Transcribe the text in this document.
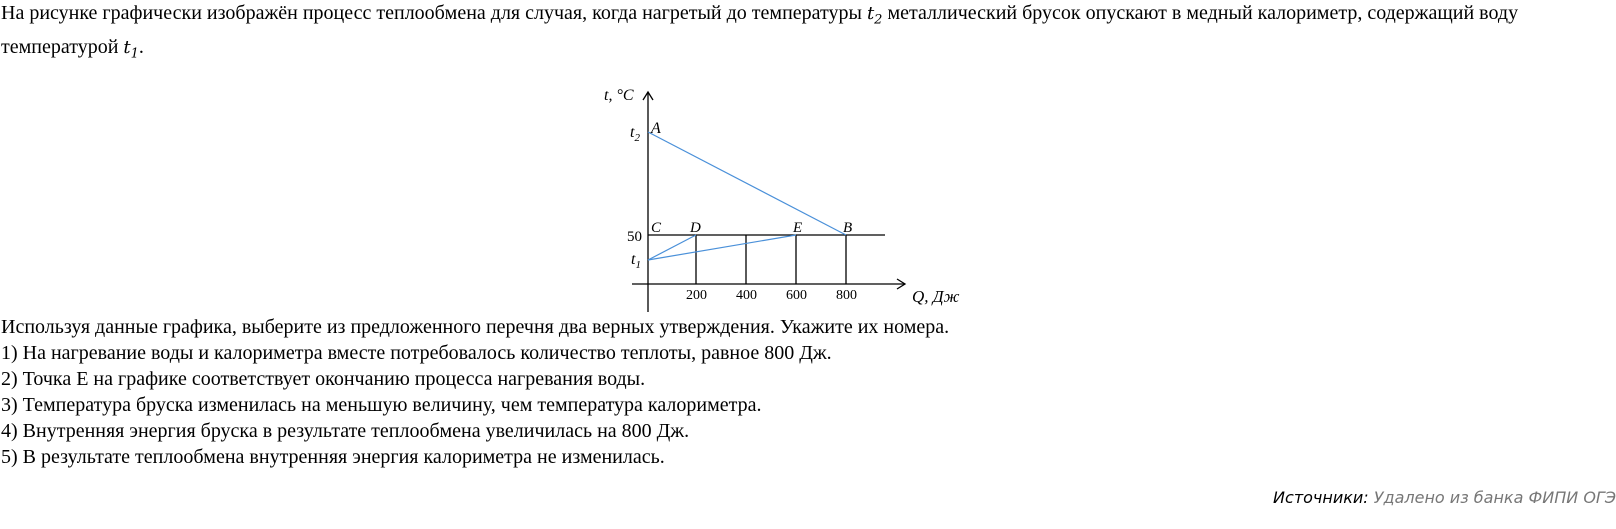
На рисунке графически изображён процесс теплообмена для случая, когда нагретый до температуры $t_2$ металлический брусок опускают в медный калориметр, содержащий воду температурой $t_1$.
t, °C
Q, Дж
$t_2$
50
$t_1$
A
C D	E	B
200 400 600 800
Используя данные графика, выберите из предложенного перечня два верных утверждения. Укажите их номера.
1) На нагревание воды и калориметра вместе потребовалось количество теплоты, равное 800 Дж.
2) Точка E на графике соответствует окончанию процесса нагревания воды.
3) Температура бруска изменилась на меньшую величину, чем температура калориметра.
4) Внутренняя энергия бруска в результате теплообмена увеличилась на 800 Дж.
5) В результате теплообмена внутренняя энергия калориметра не изменилась.
Источники: Удалено из банка ФИПИ ОГЭ
